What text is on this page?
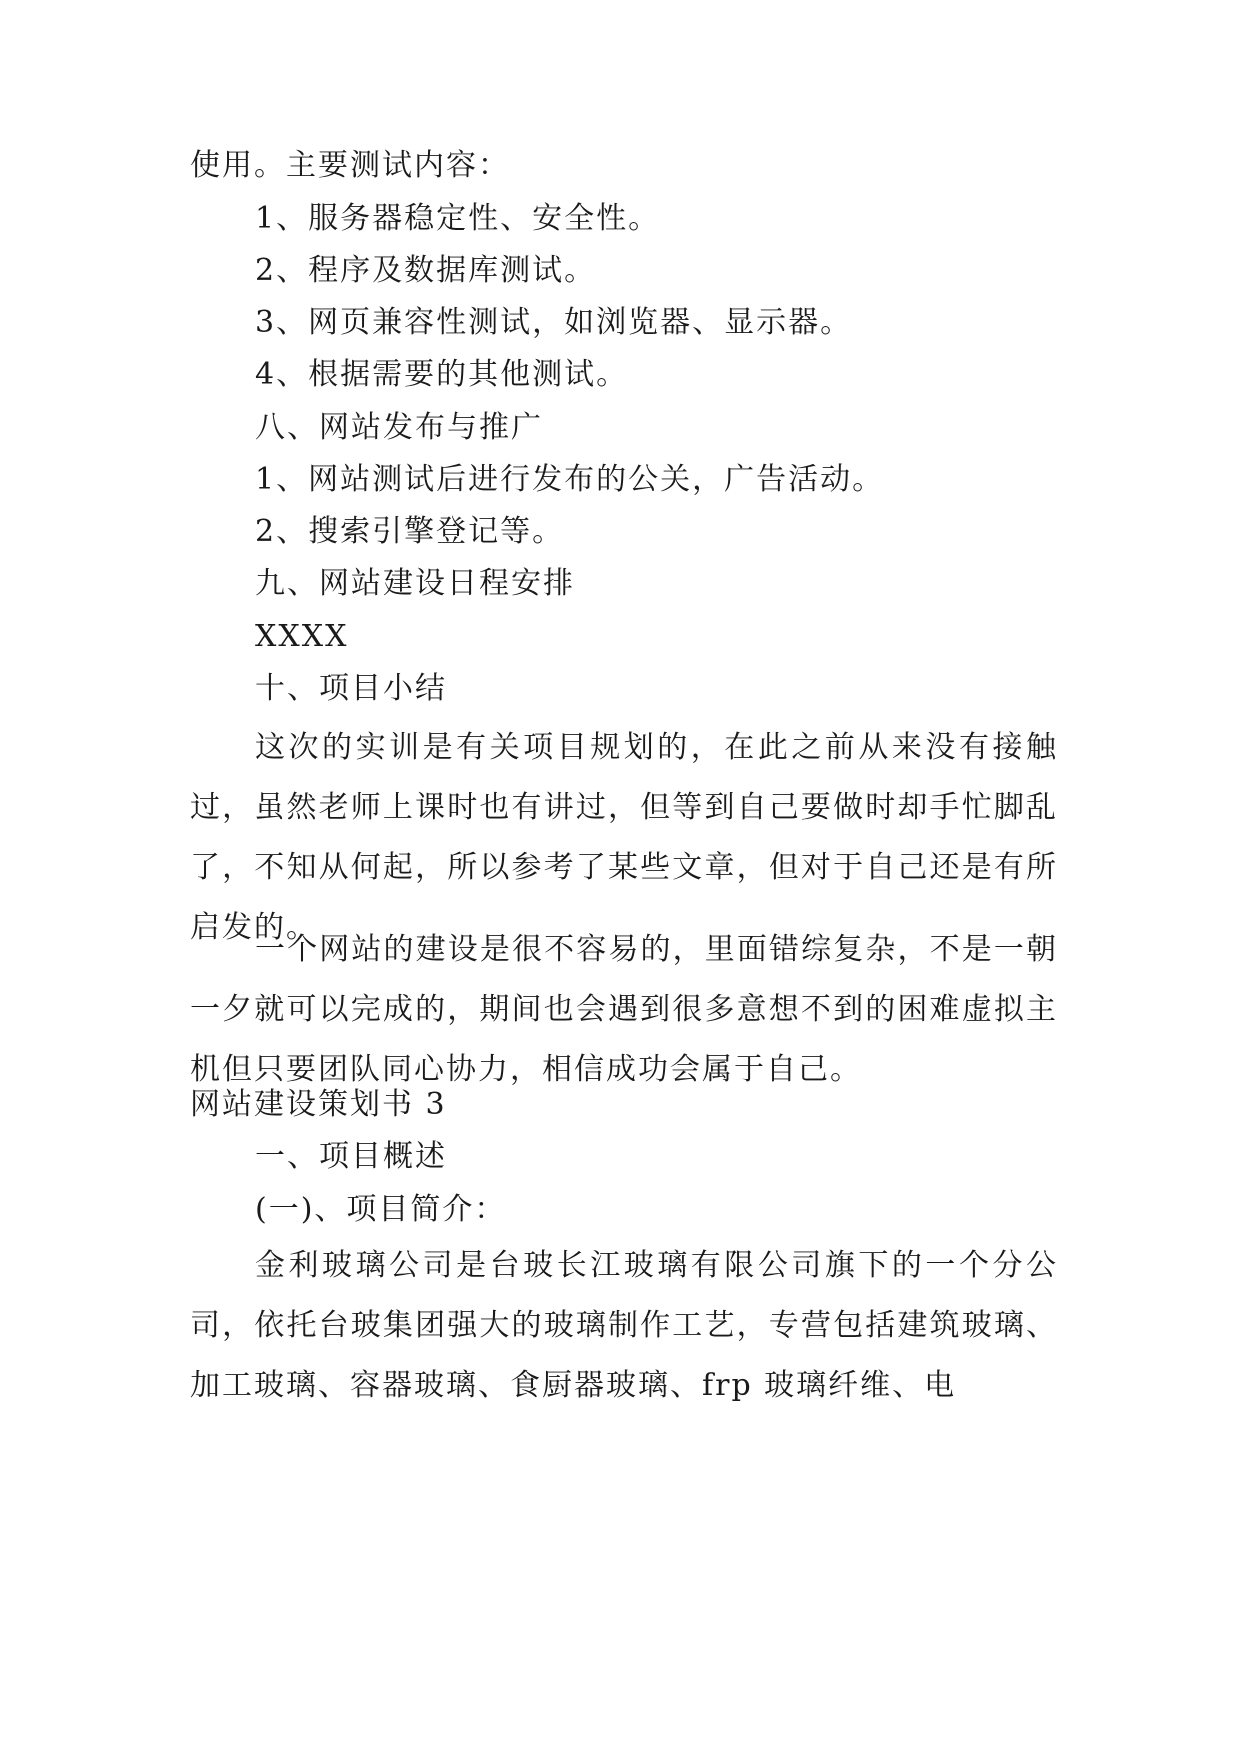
使用。主要测试内容：
1、服务器稳定性、安全性。
2、程序及数据库测试。
3、网页兼容性测试，如浏览器、显示器。
4、根据需要的其他测试。
八、网站发布与推广
1、网站测试后进行发布的公关，广告活动。
2、搜索引擎登记等。
九、网站建设日程安排
XXXX
十、项目小结

这次的实训是有关项目规划的，在此之前从来没有接触过，虽然老师上课时也有讲过，但等到自己要做时却手忙脚乱了，不知从何起，所以参考了某些文章，但对于自己还是有所启发的。

一个网站的建设是很不容易的，里面错综复杂，不是一朝一夕就可以完成的，期间也会遇到很多意想不到的困难虚拟主机但只要团队同心协力，相信成功会属于自己。

网站建设策划书 3
一、项目概述
(一)、项目简介：

金利玻璃公司是台玻长江玻璃有限公司旗下的一个分公司，依托台玻集团强大的玻璃制作工艺，专营包括建筑玻璃、加工玻璃、容器玻璃、食厨器玻璃、frp 玻璃纤维、电
